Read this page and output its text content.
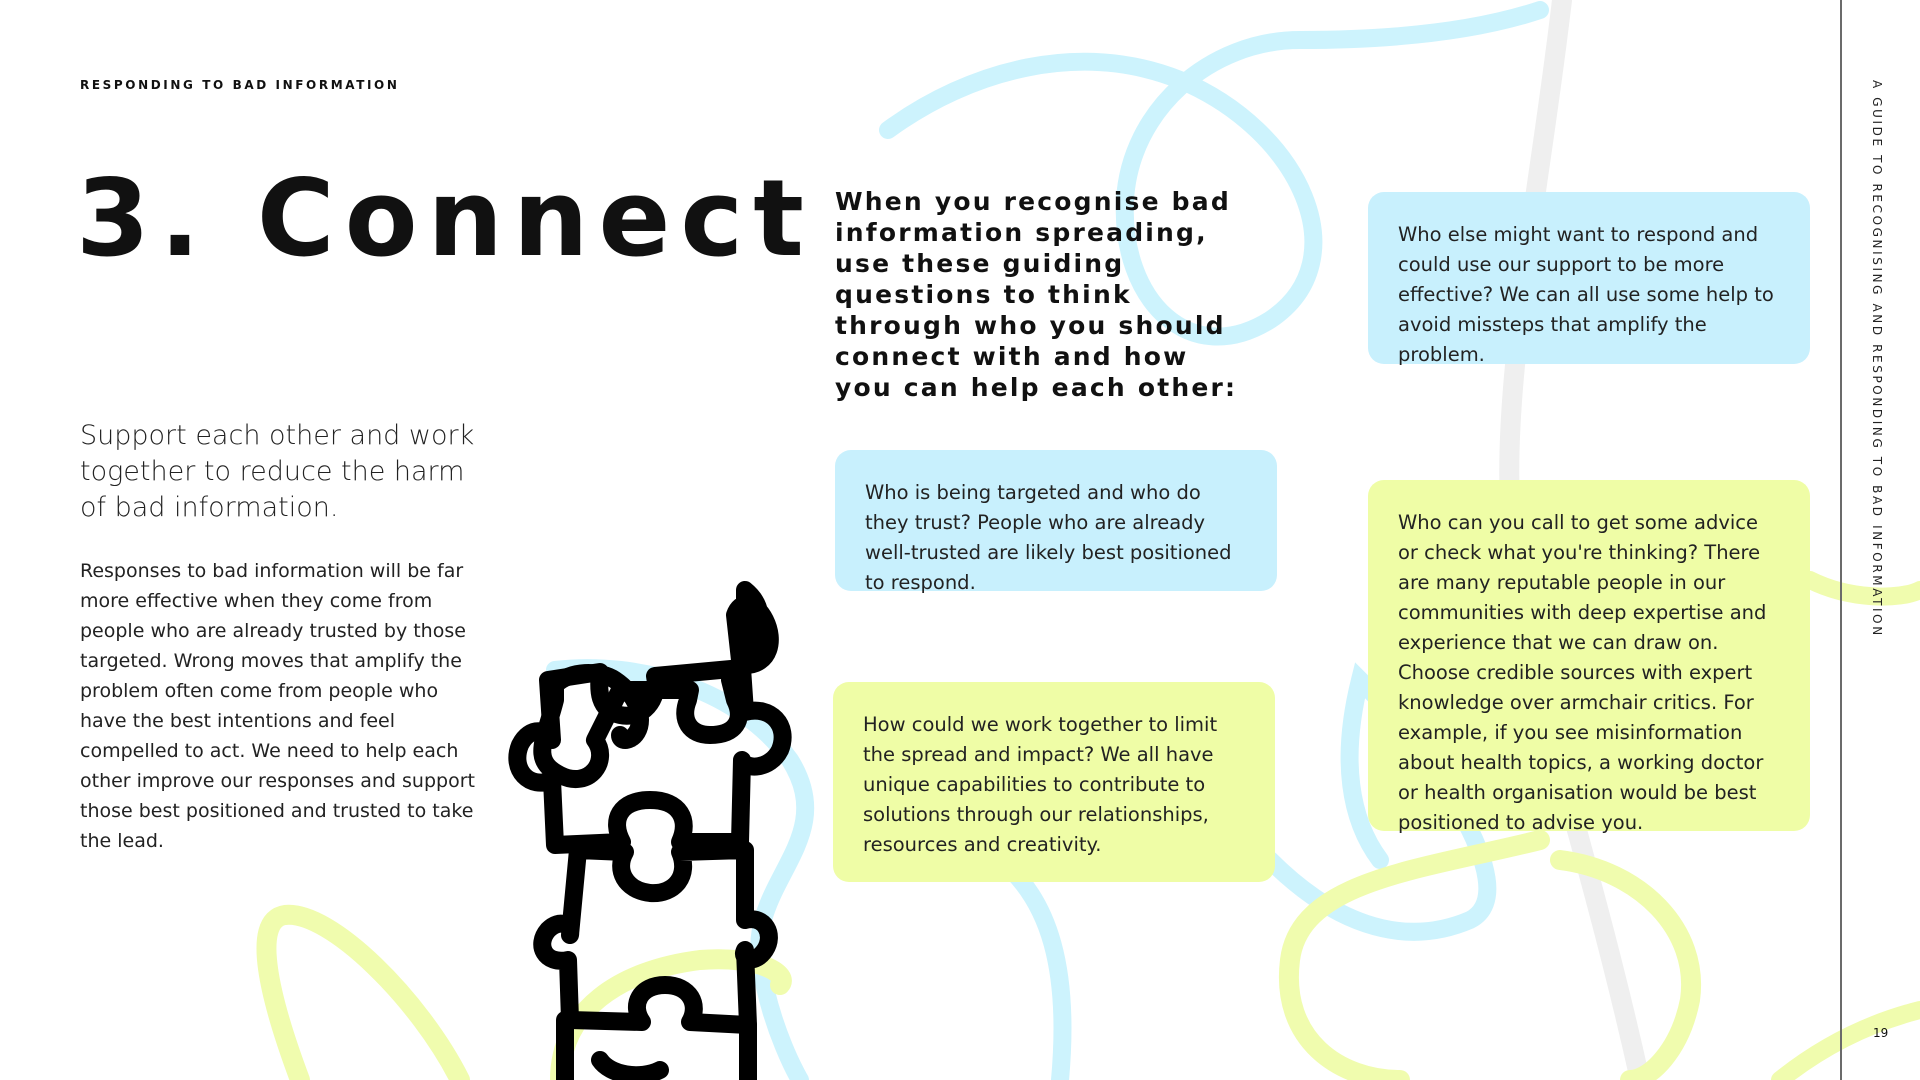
RESPONDING TO BAD INFORMATION
3. Connect
Support each other and work together to reduce the harm of bad information.
Responses to bad information will be far more effective when they come from people who are already trusted by those targeted. Wrong moves that amplify the problem often come from people who have the best intentions and feel compelled to act. We need to help each other improve our responses and support those best positioned and trusted to take the lead.
When you recognise bad information spreading, use these guiding questions to think through who you should connect with and how you can help each other:
Who is being targeted and who do they trust? People who are already well-trusted are likely best positioned to respond.
How could we work together to limit the spread and impact? We all have unique capabilities to contribute to solutions through our relationships, resources and creativity.
Who else might want to respond and could use our support to be more effective? We can all use some help to avoid missteps that amplify the problem.
Who can you call to get some advice or check what you're thinking? There are many reputable people in our communities with deep expertise and experience that we can draw on. Choose credible sources with expert knowledge over armchair critics. For example, if you see misinformation about health topics, a working doctor or health organisation would be best positioned to advise you.
A GUIDE TO RECOGNISING AND RESPONDING TO BAD INFORMATION
19
